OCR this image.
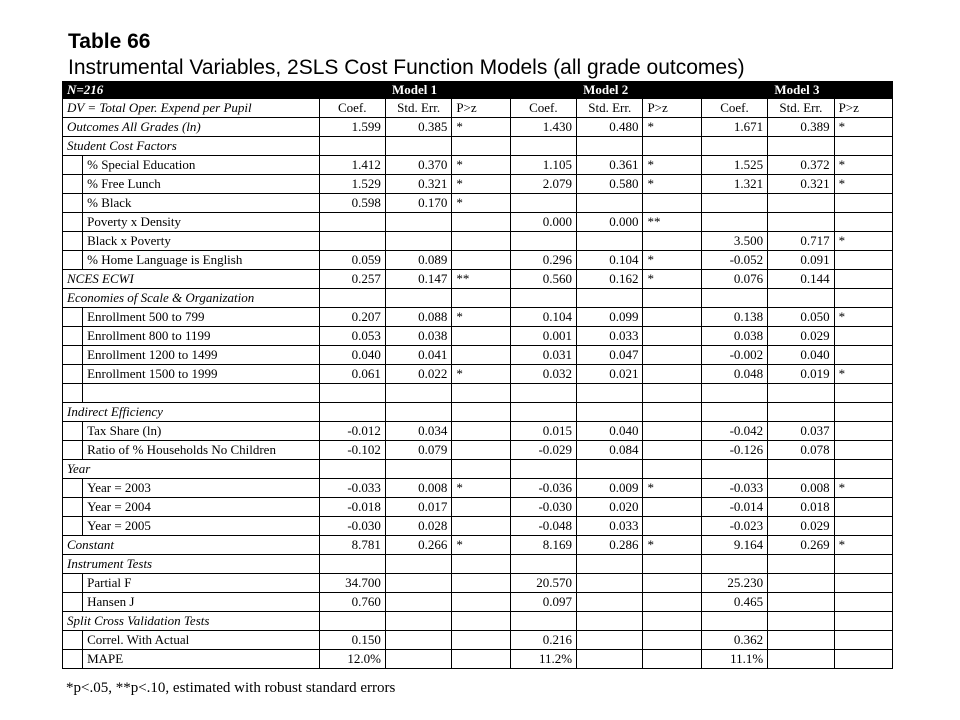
Table 66
Instrumental Variables, 2SLS Cost Function Models (all grade outcomes)
N=216		Model 1			Model 2			Model 3		
DV = Total Oper. Expend per Pupil		Coef.	Std. Err.	P>z	Coef.	Std. Err.	P>z	Coef.	Std. Err.	P>z
Outcomes All Grades (ln)		1.599	0.385	*	1.430	0.480	*	1.671	0.389	*
Student Cost Factors										
	% Special Education	1.412	0.370	*	1.105	0.361	*	1.525	0.372	*
	% Free Lunch	1.529	0.321	*	2.079	0.580	*	1.321	0.321	*
	% Black	0.598	0.170	*						
	Poverty x Density				0.000	0.000	**			
	Black x Poverty							3.500	0.717	*
	% Home Language is English	0.059	0.089		0.296	0.104	*	-0.052	0.091	
NCES ECWI		0.257	0.147	**	0.560	0.162	*	0.076	0.144	
Economies of Scale & Organization										
	Enrollment 500 to 799	0.207	0.088	*	0.104	0.099		0.138	0.050	*
	Enrollment 800 to 1199	0.053	0.038		0.001	0.033		0.038	0.029	
	Enrollment 1200 to 1499	0.040	0.041		0.031	0.047		-0.002	0.040	
	Enrollment 1500 to 1999	0.061	0.022	*	0.032	0.021		0.048	0.019	*

Indirect Efficiency										
	Tax Share (ln)	-0.012	0.034		0.015	0.040		-0.042	0.037	
	Ratio of % Households No Children	-0.102	0.079		-0.029	0.084		-0.126	0.078	
Year										
	Year = 2003	-0.033	0.008	*	-0.036	0.009	*	-0.033	0.008	*
	Year = 2004	-0.018	0.017		-0.030	0.020		-0.014	0.018	
	Year = 2005	-0.030	0.028		-0.048	0.033		-0.023	0.029	
Constant		8.781	0.266	*	8.169	0.286	*	9.164	0.269	*
Instrument Tests										
	Partial F	34.700			20.570			25.230		
	Hansen J	0.760			0.097			0.465		
Split Cross Validation Tests										
	Correl. With Actual	0.150			0.216			0.362		
	MAPE	12.0%			11.2%			11.1%		
*p<.05, **p<.10, estimated with robust standard errors
